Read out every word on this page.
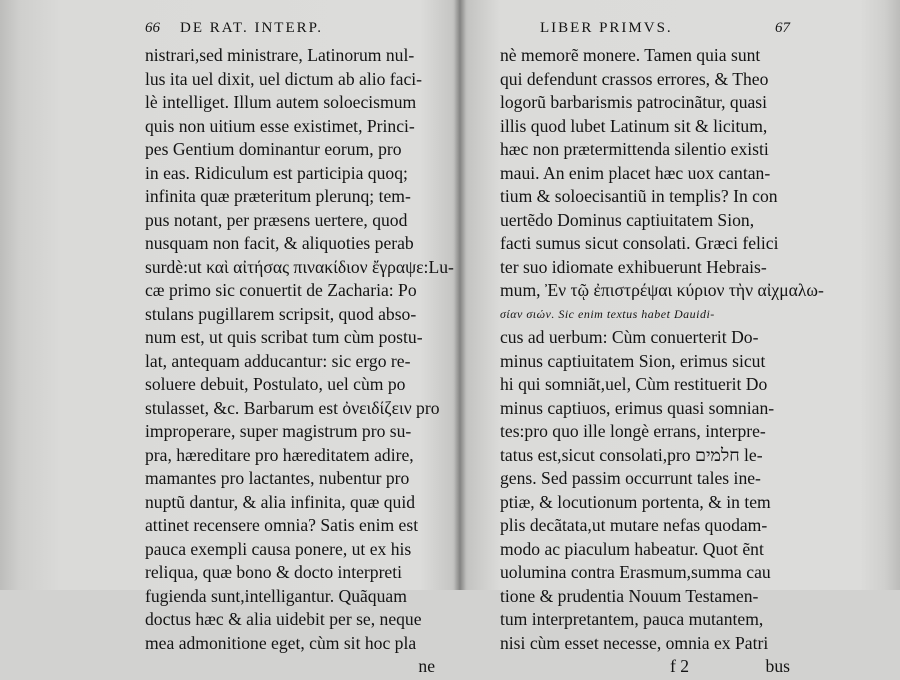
66 DE RAT. INTERP.
nistrari,sed ministrare, Latinorum nul-
lus ita uel dixit, uel dictum ab alio faci-
lè intelliget. Illum autem soloecismum
quis non uitium esse existimet, Princi-
pes Gentium dominantur eorum, pro
in eas. Ridiculum est participia quoq;
infinita quæ præteritum plerunq; tem-
pus notant, per præsens uertere, quod
nusquam non facit, & aliquoties perab
surdè:ut καὶ αἰτήσας πινακίδιον ἔγραψε:Lu-
cæ primo sic conuertit de Zacharia: Po
stulans pugillarem scripsit, quod abso-
num est, ut quis scribat tum cùm postu-
lat, antequam adducantur: sic ergo re-
soluere debuit, Postulato, uel cùm po
stulasset, &c. Barbarum est ὀνειδίζειν pro
improperare, super magistrum pro su-
pra, hæreditare pro hæreditatem adire,
mamantes pro lactantes, nubentur pro
nuptũ dantur, & alia infinita, quæ quid
attinet recensere omnia? Satis enim est
pauca exempli causa ponere, ut ex his
reliqua, quæ bono & docto interpreti
fugienda sunt,intelligantur. Quãquam
doctus hæc & alia uidebit per se, neque
mea admonitione eget, cùm sit hoc pla
ne
LIBER PRIMVS.	67
nè memorẽ monere. Tamen quia sunt
qui defendunt crassos errores, & Theo
logorũ barbarismis patrocinãtur, quasi
illis quod lubet Latinum sit & licitum,
hæc non prætermittenda silentio existi
maui. An enim placet hæc uox cantan-
tium & soloecisantiũ in templis? In con
uertẽdo Dominus captiuitatem Sion,
facti sumus sicut consolati. Græci felici
ter suo idiomate exhibuerunt Hebrais-
mum, Ἐν τῷ ἐπιστρέψαι κύριον τὴν αἰχμαλω-
σίαν σιών. Sic enim textus habet Dauidi-
cus ad uerbum: Cùm conuerterit Do-
minus captiuitatem Sion, erimus sicut
hi qui somniãt,uel, Cùm restituerit Do
minus captiuos, erimus quasi somnian-
tes:pro quo ille longè errans, interpre-
tatus est,sicut consolati,pro חלמים le-
gens. Sed passim occurrunt tales ine-
ptiæ, & locutionum portenta, & in tem
plis decãtata,ut mutare nefas quodam-
modo ac piaculum habeatur. Quot ẽnt
uolumina contra Erasmum,summa cau
tione & prudentia Nouum Testamen-
tum interpretantem, pauca mutantem,
nisi cùm esset necesse, omnia ex Patri
f 2	bus
